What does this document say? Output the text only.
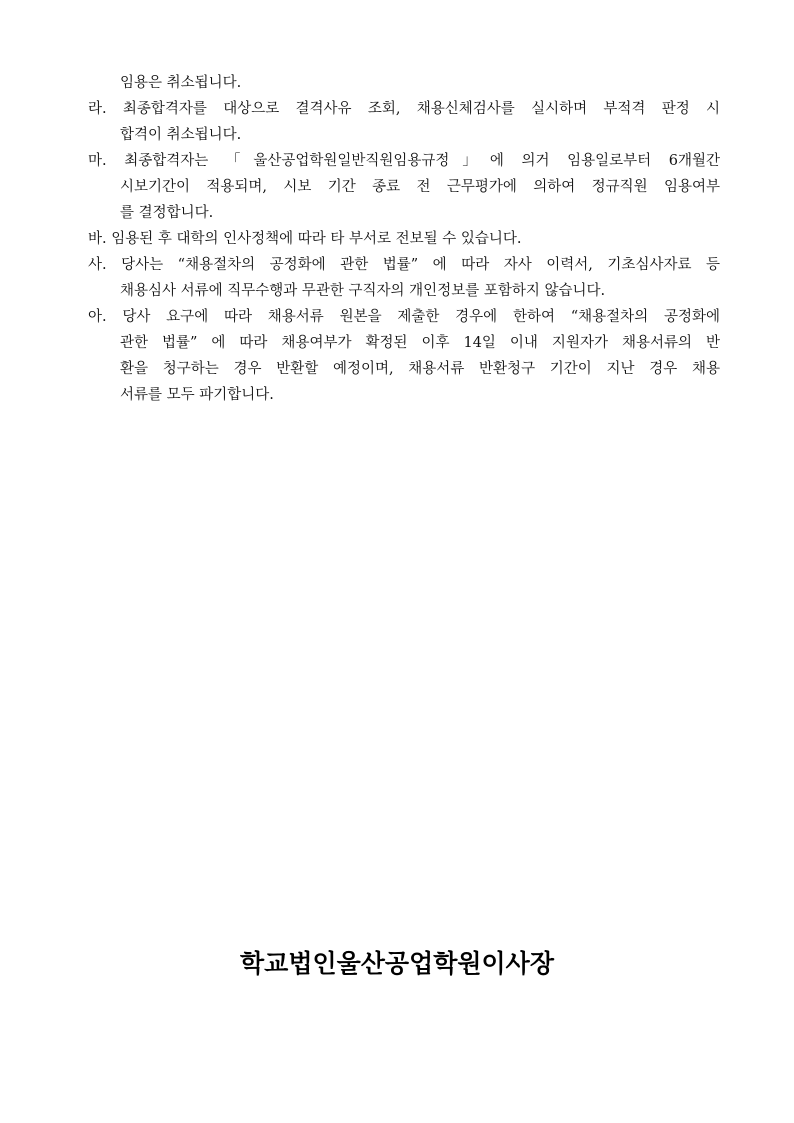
임용은 취소됩니다.
라. 최종합격자를 대상으로 결격사유 조회, 채용신체검사를 실시하며 부적격 판정 시
합격이 취소됩니다.
마. 최종합격자는 「울산공업학원일반직원임용규정」에 의거 임용일로부터 6개월간
시보기간이 적용되며, 시보 기간 종료 전 근무평가에 의하여 정규직원 임용여부
를 결정합니다.
바. 임용된 후 대학의 인사정책에 따라 타 부서로 전보될 수 있습니다.
사. 당사는 “채용절차의 공정화에 관한 법률” 에 따라 자사 이력서, 기초심사자료 등
채용심사 서류에 직무수행과 무관한 구직자의 개인정보를 포함하지 않습니다.
아. 당사 요구에 따라 채용서류 원본을 제출한 경우에 한하여 “채용절차의 공정화에
관한 법률” 에 따라 채용여부가 확정된 이후 14일 이내 지원자가 채용서류의 반
환을 청구하는 경우 반환할 예정이며, 채용서류 반환청구 기간이 지난 경우 채용
서류를 모두 파기합니다.
학교법인울산공업학원이사장
